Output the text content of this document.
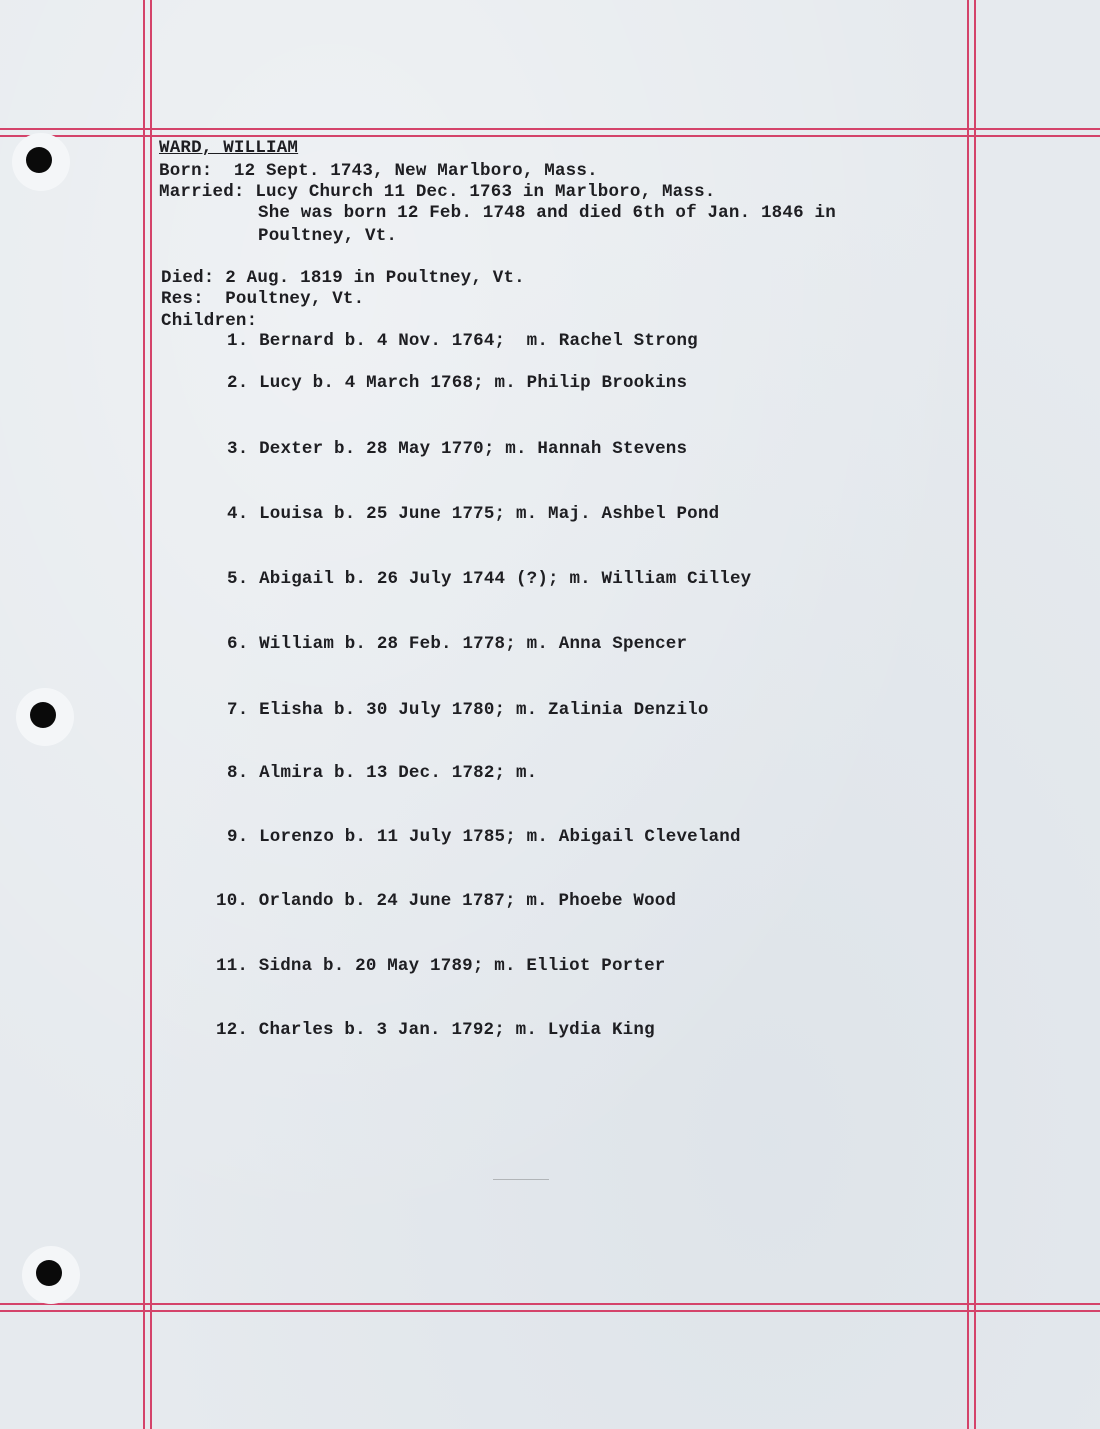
WARD, WILLIAM
Born:  12 Sept. 1743, New Marlboro, Mass.
Married: Lucy Church 11 Dec. 1763 in Marlboro, Mass.
She was born 12 Feb. 1748 and died 6th of Jan. 1846 in
Poultney, Vt.
Died: 2 Aug. 1819 in Poultney, Vt.
Res:  Poultney, Vt.
Children:
1. Bernard b. 4 Nov. 1764;  m. Rachel Strong
2. Lucy b. 4 March 1768; m. Philip Brookins
3. Dexter b. 28 May 1770; m. Hannah Stevens
4. Louisa b. 25 June 1775; m. Maj. Ashbel Pond
5. Abigail b. 26 July 1744 (?); m. William Cilley
6. William b. 28 Feb. 1778; m. Anna Spencer
7. Elisha b. 30 July 1780; m. Zalinia Denzilo
8. Almira b. 13 Dec. 1782; m.
9. Lorenzo b. 11 July 1785; m. Abigail Cleveland
10. Orlando b. 24 June 1787; m. Phoebe Wood
11. Sidna b. 20 May 1789; m. Elliot Porter
12. Charles b. 3 Jan. 1792; m. Lydia King
